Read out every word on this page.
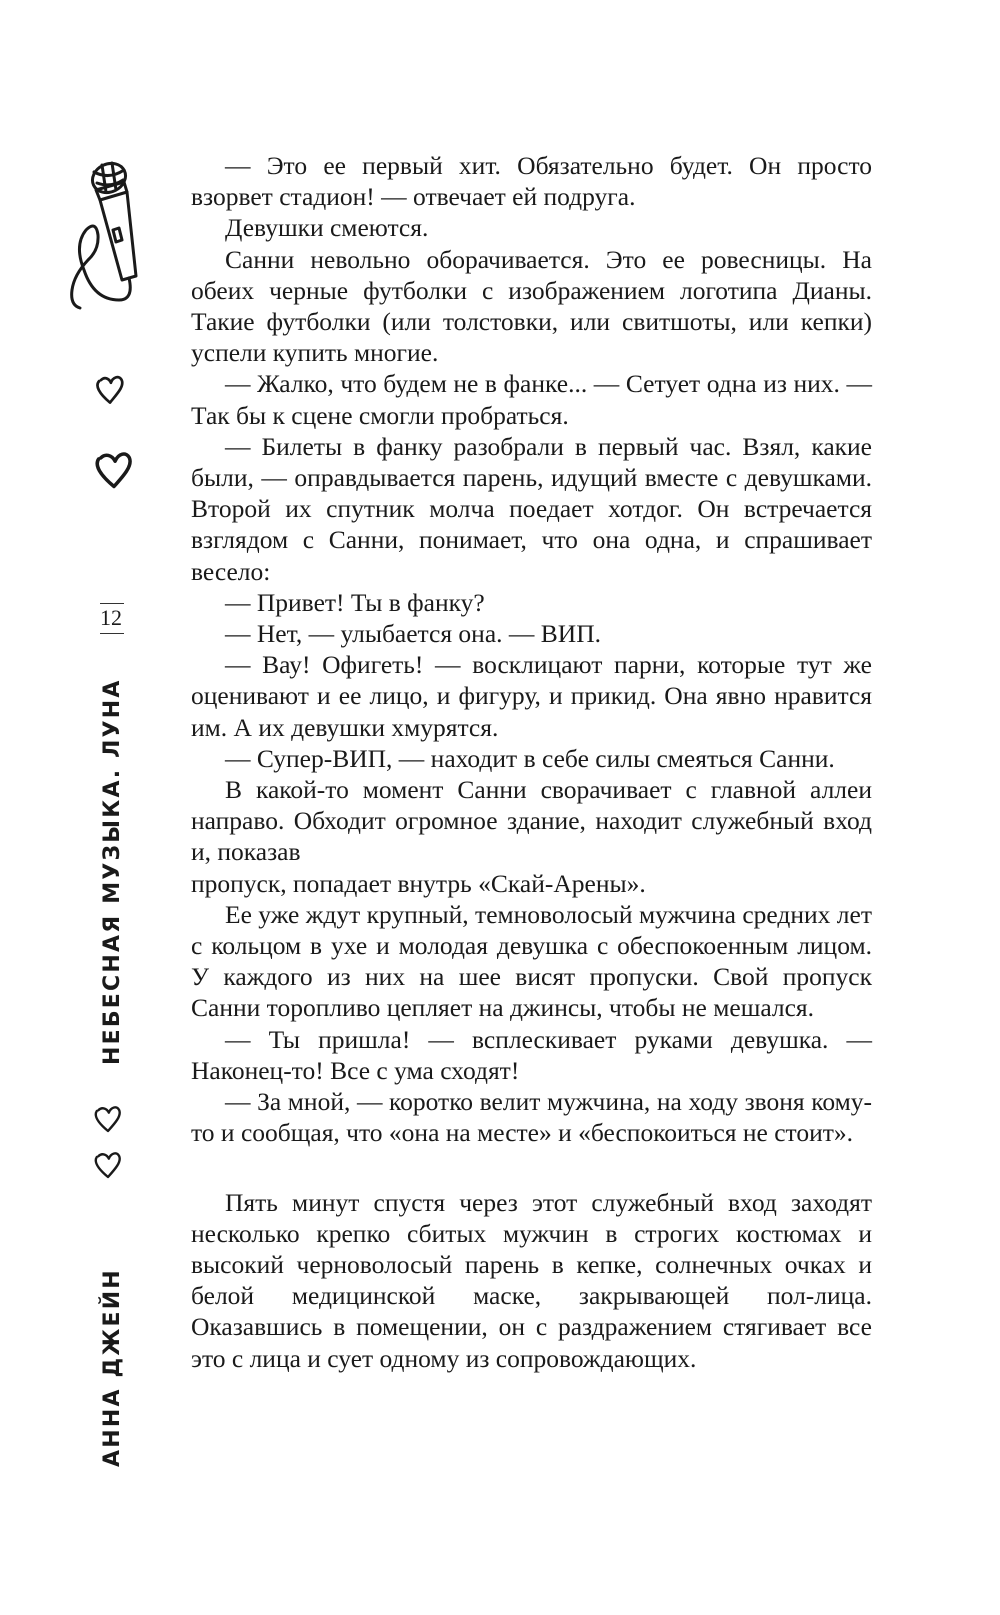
12
НЕБЕСНАЯ МУЗЫКА. ЛУНА
АННА ДЖЕЙН

— Это ее первый хит. Обязательно будет. Он просто взорвет стадион! — отвечает ей подруга.

Девушки смеются.

Санни невольно оборачивается. Это ее ровесницы. На обеих черные футболки с изображением логотипа Дианы. Такие футболки (или толстовки, или свитшоты, или кепки) успели купить многие.

— Жалко, что будем не в фанке... — Сетует одна из них. — Так бы к сцене смогли пробраться.

— Билеты в фанку разобрали в первый час. Взял, какие были, — оправдывается парень, идущий вместе с девушками. Второй их спутник молча поедает хотдог. Он встречается взглядом с Санни, понимает, что она одна, и спрашивает весело:

— Привет! Ты в фанку?

— Нет, — улыбается она. — ВИП.

— Вау! Офигеть! — восклицают парни, которые тут же оценивают и ее лицо, и фигуру, и прикид. Она явно нравится им. А их девушки хмурятся.

— Супер-ВИП, — находит в себе силы смеяться Санни.

В какой-то момент Санни сворачивает с главной аллеи направо. Обходит огромное здание, находит служебный вход и, показав

пропуск, попадает внутрь «Скай-Арены».

Ее уже ждут крупный, темноволосый мужчина средних лет с кольцом в ухе и молодая девушка с обеспокоенным лицом. У каждого из них на шее висят пропуски. Свой пропуск Санни торопливо цепляет на джинсы, чтобы не мешался.

— Ты пришла! — всплескивает руками девушка. — Наконец-то! Все с ума сходят!

— За мной, — коротко велит мужчина, на ходу звоня кому-то и сообщая, что «она на месте» и «беспокоиться не стоит».

Пять минут спустя через этот служебный вход заходят несколько крепко сбитых мужчин в строгих костюмах и высокий черноволосый парень в кепке, солнечных очках и белой медицинской маске, закрывающей пол-лица. Оказавшись в помещении, он с раздражением стягивает все это с лица и сует одному из сопровождающих.
